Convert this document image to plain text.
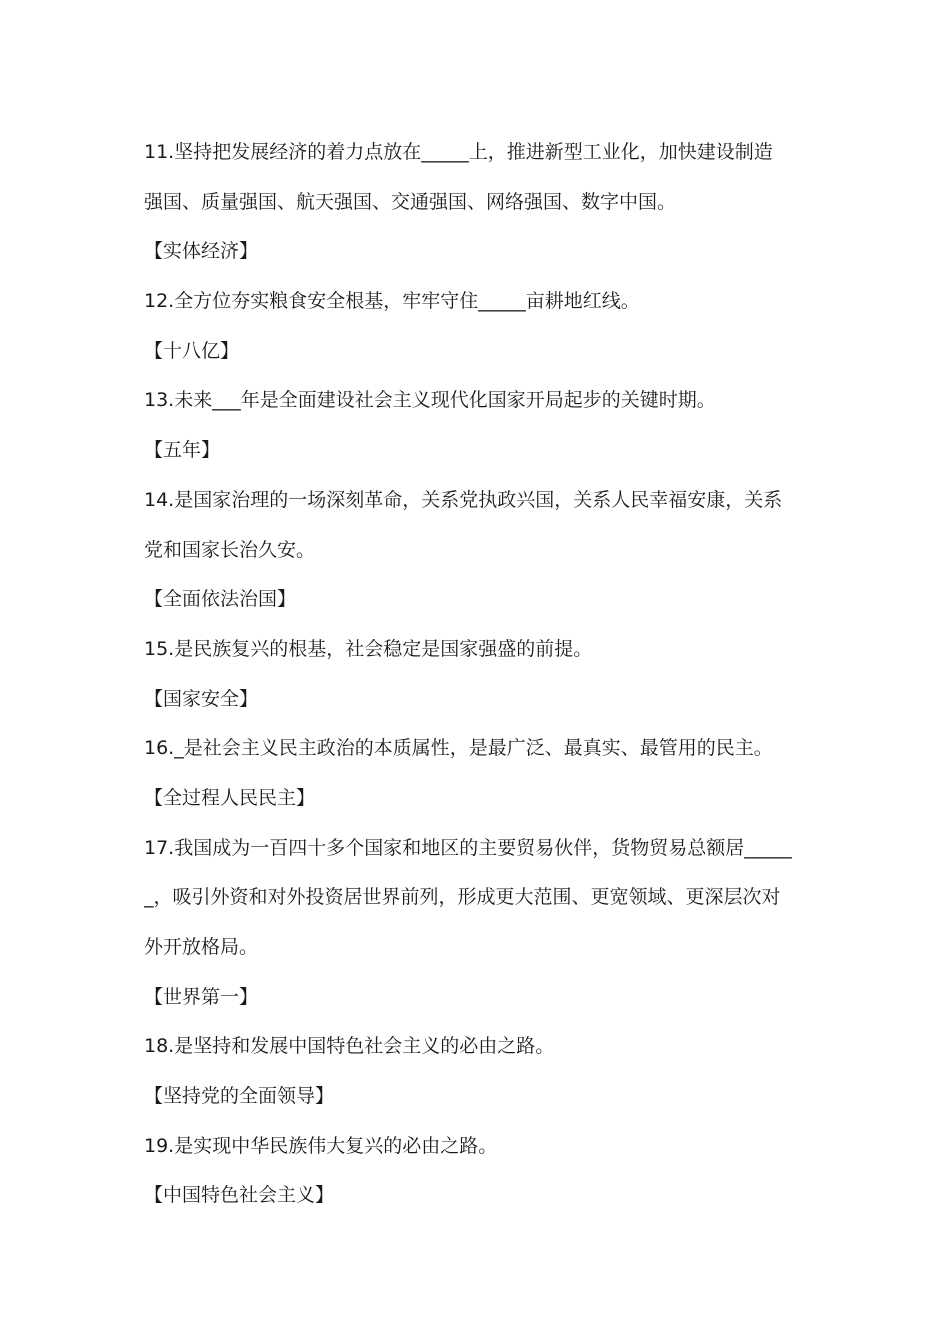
11.坚持把发展经济的着力点放在_____上，推进新型工业化，加快建设制造
强国、质量强国、航天强国、交通强国、网络强国、数字中国。
【实体经济】
12.全方位夯实粮食安全根基，牢牢守住_____亩耕地红线。
【十八亿】
13.未来___年是全面建设社会主义现代化国家开局起步的关键时期。
【五年】
14.是国家治理的一场深刻革命，关系党执政兴国，关系人民幸福安康，关系
党和国家长治久安。
【全面依法治国】
15.是民族复兴的根基，社会稳定是国家强盛的前提。
【国家安全】
16._是社会主义民主政治的本质属性，是最广泛、最真实、最管用的民主。
【全过程人民民主】
17.我国成为一百四十多个国家和地区的主要贸易伙伴，货物贸易总额居_____
_，吸引外资和对外投资居世界前列，形成更大范围、更宽领域、更深层次对
外开放格局。
【世界第一】
18.是坚持和发展中国特色社会主义的必由之路。
【坚持党的全面领导】
19.是实现中华民族伟大复兴的必由之路。
【中国特色社会主义】
